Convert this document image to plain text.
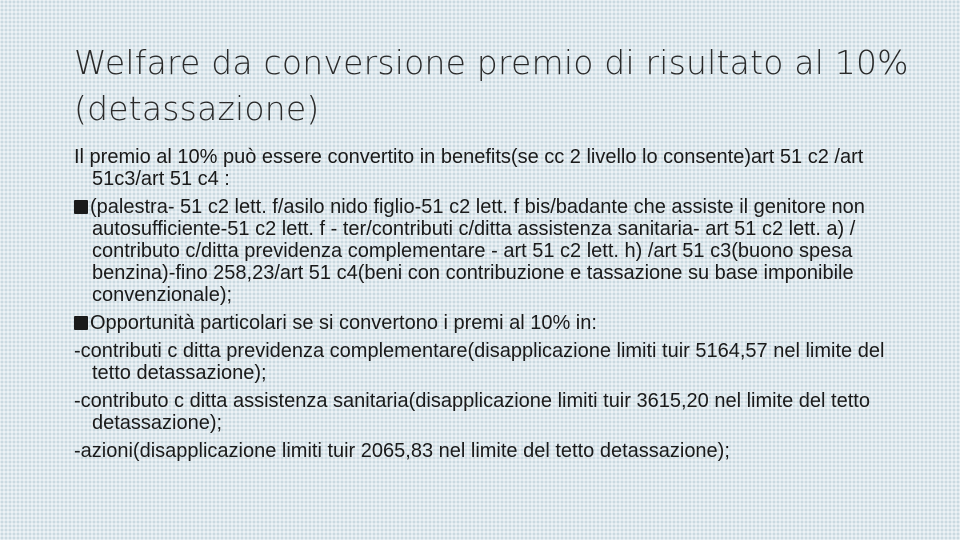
Welfare da conversione premio di risultato al 10%(detassazione)

Il premio al 10% può essere convertito in benefits(se cc 2 livello lo consente)art 51 c2 /art 51c3/art 51 c4 :

(palestra- 51 c2 lett. f/asilo nido figlio-51 c2 lett. f bis/badante che assiste il genitore non autosufficiente-51 c2 lett. f - ter/contributi c/ditta assistenza sanitaria- art 51 c2 lett. a) / contributo c/ditta previdenza complementare - art 51 c2 lett. h) /art 51 c3(buono spesa benzina)-fino 258,23/art 51 c4(beni con contribuzione e tassazione su base imponibile convenzionale);

Opportunità particolari se si convertono i premi al 10% in:

-contributi c ditta previdenza complementare(disapplicazione limiti tuir 5164,57 nel limite del tetto detassazione);

-contributo c ditta assistenza sanitaria(disapplicazione limiti tuir 3615,20 nel limite del tetto detassazione);

-azioni(disapplicazione limiti tuir 2065,83 nel limite del tetto detassazione);
